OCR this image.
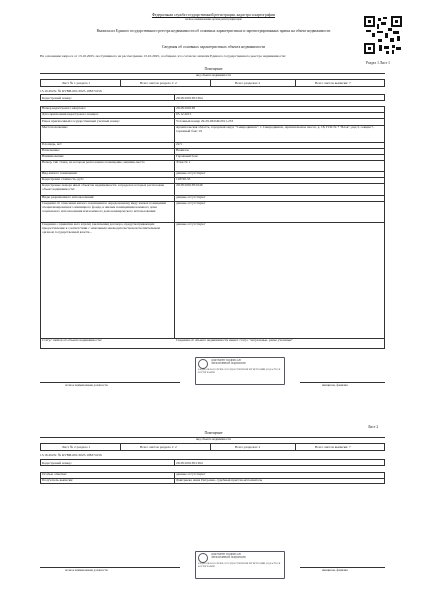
Федеральная служба государственной регистрации, кадастра и картографии
полное наименование органа регистрации прав
Выписка из Единого государственного реестра недвижимости об основных характеристиках и зарегистрированных правах на объект недвижимости
Сведения об основных характеристиках объекта недвижимости
На основании запроса от 13.10.2025, поступившего на рассмотрение 13.10.2025, сообщаем, что согласно записям Единого государственного реестра недвижимости:
Раздел 1 Лист 1
Помещение
вид объекта недвижимости
Лист № 1 раздела 1	Всего листов раздела 1: 2	Всего разделов: 2	Всего листов выписки: 7
13.10.2025г. № КУВИ-001/2025-198374156
Кадастровый номер:	29:28:109138:1364
Номер кадастрового квартала:	29:28:109138
Дата присвоения кадастрового номера:	03.12.2015
Ранее присвоенный государственный учетный номер:	Условный номер 29-29-06/049/2011-253
Местоположение:	Архангельская область, городской округ "Северодвинск", г. Северодвинск, Архангельское шоссе, д. 18, ГСК № 7 "Блок", ряд 3, секция 7, гаражный бокс 19
Площадь, м2:	22.5
Назначение:	Нежилое
Наименование:	Гаражный бокс
Номер, тип этажа, на котором расположено помещение, машино-место	Этаж № 1
Вид жилого помещения:	данные отсутствуют
Кадастровая стоимость, руб.:	118720.35
Кадастровые номера иных объектов недвижимости, в пределах которых расположен объект недвижимости:
29:28:109138:1049
Виды разрешенного использования:	данные отсутствуют
Сведения об отнесении жилого помещения к определенному виду жилых помещений специализированного жилищного фонда, к жилым помещениям наемного дома социального использования или наемного дома коммерческого использования:
данные отсутствуют
Сведения о принятии акта и (или) заключения договора, предусматривающих предоставление в соответствии с земельным законодательством исполнительным органом государственной власти...
данные отсутствуют
Статус записи об объекте недвижимости:	Сведения об объекте недвижимости имеют статус "актуальные, ранее учтенные"
полное наименование должности	инициалы, фамилия
ДОКУМЕНТ ПОДПИСАН
ЭЛЕКТРОННОЙ ПОДПИСЬЮ
ФЕДЕРАЛЬНАЯ СЛУЖБА ГОСУДАРСТВЕННОЙ РЕГИСТРАЦИИ, КАДАСТРА И КАРТОГРАФИИ
Лист 2
Помещение
вид объекта недвижимости
Лист № 2 раздела 1	Всего листов раздела 1: 2	Всего разделов: 2	Всего листов выписки: 7
13.10.2025г. № КУВИ-001/2025-198374156
Кадастровый номер:	29:28:109138:1364
Особые отметки:	данные отсутствуют
Получатель выписки:	Дмитриева Анна Петровна, судебный пристав-исполнитель
полное наименование должности	инициалы, фамилия
ДОКУМЕНТ ПОДПИСАН
ЭЛЕКТРОННОЙ ПОДПИСЬЮ
ФЕДЕРАЛЬНАЯ СЛУЖБА ГОСУДАРСТВЕННОЙ РЕГИСТРАЦИИ, КАДАСТРА И КАРТОГРАФИИ
